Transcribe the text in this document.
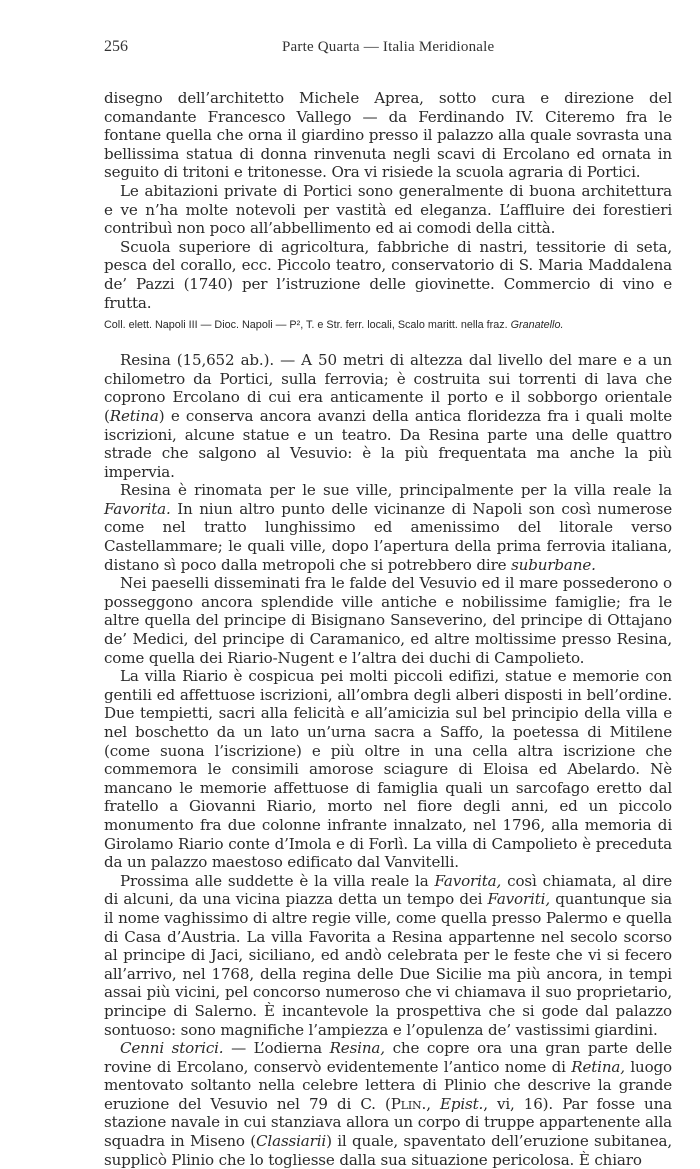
256	Parte Quarta — Italia Meridionale

disegno dell’architetto Michele Aprea, sotto cura e direzione del comandante Francesco Vallego — da Ferdinando IV. Citeremo fra le fontane quella che orna il giardino presso il palazzo alla quale sovrasta una bellissima statua di donna rinvenuta negli scavi di Ercolano ed ornata in seguito di tritoni e tritonesse. Ora vi risiede la scuola agraria di Portici.

Le abitazioni private di Portici sono generalmente di buona architettura e ve n’ha molte notevoli per vastità ed eleganza. L’affluire dei forestieri contribuì non poco all’abbellimento ed ai comodi della città.

Scuola superiore di agricoltura, fabbriche di nastri, tessitorie di seta, pesca del corallo, ecc. Piccolo teatro, conservatorio di S. Maria Maddalena de’ Pazzi (1740) per l’istruzione delle giovinette. Commercio di vino e frutta.

Coll. elett. Napoli III — Dioc. Napoli — P², T. e Str. ferr. locali, Scalo maritt. nella fraz. Granatello.

Resina (15,652 ab.). — A 50 metri di altezza dal livello del mare e a un chilometro da Portici, sulla ferrovia; è costruita sui torrenti di lava che coprono Ercolano di cui era anticamente il porto e il sobborgo orientale (Retina) e conserva ancora avanzi della antica floridezza fra i quali molte iscrizioni, alcune statue e un teatro. Da Resina parte una delle quattro strade che salgono al Vesuvio: è la più frequentata ma anche la più impervia.

Resina è rinomata per le sue ville, principalmente per la villa reale la Favorita. In niun altro punto delle vicinanze di Napoli son così numerose come nel tratto lunghissimo ed amenissimo del litorale verso Castellammare; le quali ville, dopo l’apertura della prima ferrovia italiana, distano sì poco dalla metropoli che si potrebbero dire suburbane.

Nei paeselli disseminati fra le falde del Vesuvio ed il mare possederono o posseggono ancora splendide ville antiche e nobilissime famiglie; fra le altre quella del principe di Bisignano Sanseverino, del principe di Ottajano de’ Medici, del principe di Caramanico, ed altre moltissime presso Resina, come quella dei Riario-Nugent e l’altra dei duchi di Campolieto.

La villa Riario è cospicua pei molti piccoli edifizi, statue e memorie con gentili ed affettuose iscrizioni, all’ombra degli alberi disposti in bell’ordine. Due tempietti, sacri alla felicità e all’amicizia sul bel principio della villa e nel boschetto da un lato un’urna sacra a Saffo, la poetessa di Mitilene (come suona l’iscrizione) e più oltre in una cella altra iscrizione che commemora le consimili amorose sciagure di Eloisa ed Abelardo. Nè mancano le memorie affettuose di famiglia quali un sarcofago eretto dal fratello a Giovanni Riario, morto nel fiore degli anni, ed un piccolo monumento fra due colonne infrante innalzato, nel 1796, alla memoria di Girolamo Riario conte d’Imola e di Forlì. La villa di Campolieto è preceduta da un palazzo maestoso edificato dal Vanvitelli.

Prossima alle suddette è la villa reale la Favorita, così chiamata, al dire di alcuni, da una vicina piazza detta un tempo dei Favoriti, quantunque sia il nome vaghissimo di altre regie ville, come quella presso Palermo e quella di Casa d’Austria. La villa Favorita a Resina appartenne nel secolo scorso al principe di Jaci, siciliano, ed andò celebrata per le feste che vi si fecero all’arrivo, nel 1768, della regina delle Due Sicilie ma più ancora, in tempi assai più vicini, pel concorso numeroso che vi chiamava il suo proprietario, principe di Salerno. È incantevole la prospettiva che si gode dal palazzo sontuoso: sono magnifiche l’ampiezza e l’opulenza de’ vastissimi giardini.

Cenni storici. — L’odierna Resina, che copre ora una gran parte delle rovine di Ercolano, conservò evidentemente l’antico nome di Retina, luogo mentovato soltanto nella celebre lettera di Plinio che descrive la grande eruzione del Vesuvio nel 79 di C. (Plin., Epist., vi, 16). Par fosse una stazione navale in cui stanziava allora un corpo di truppe appartenente alla squadra in Miseno (Classiarii) il quale, spaventato dell’eruzione subitanea, supplicò Plinio che lo togliesse dalla sua situazione pericolosa. È chiaro
